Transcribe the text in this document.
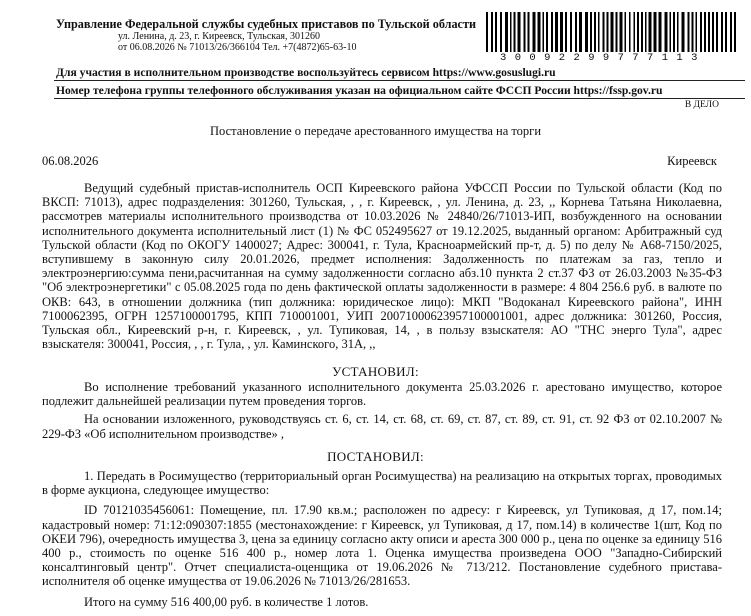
Управление Федеральной службы судебных приставов по Тульской области
ул. Ленина, д. 23, г. Киреевск, Тульская, 301260
от 06.08.2026 № 71013/26/366104 Тел. +7(4872)65-63-10
30092299777113
Для участия в исполнительном производстве воспользуйтесь сервисом https://www.gosuslugi.ru
Номер телефона группы телефонного обслуживания указан на официальном сайте ФССП России https://fssp.gov.ru
В ДЕЛО
Постановление о передаче арестованного имущества на торги
06.08.2026	Киреевск

Ведущий судебный пристав-исполнитель ОСП Киреевского района УФССП России по Тульской области (Код по ВКСП: 71013), адрес подразделения: 301260, Тульская, , , г. Киреевск, , ул. Ленина, д. 23, ,, Корнева Татьяна Николаевна, рассмотрев материалы исполнительного производства от 10.03.2026 № 24840/26/71013-ИП, возбужденного на основании исполнительного документа исполнительный лист (1) № ФС 052495627 от 19.12.2025, выданный органом: Арбитражный суд Тульской области (Код по ОКОГУ 1400027; Адрес: 300041, г. Тула, Красноармейский пр-т, д. 5) по делу № А68-7150/2025, вступившему в законную силу 20.01.2026, предмет исполнения: Задолженность по платежам за газ, тепло и электроэнергию:сумма пени,расчитанная на сумму задолженности согласно абз.10 пункта 2 ст.37 ФЗ от 26.03.2003 №35-ФЗ "Об электроэнергетики" с 05.08.2025 года по день фактической оплаты задолженности в размере: 4 804 256.6 руб. в валюте по ОКВ: 643, в отношении должника (тип должника: юридическое лицо): МКП "Водоканал Киреевского района", ИНН 7100062395, ОГРН 1257100001795, КПП 710001001, УИП 20071000623957100001001, адрес должника: 301260, Россия, Тульская обл., Киреевский р-н, г. Киреевск, , ул. Тупиковая, 14, , в пользу взыскателя: АО "ТНС энерго Тула", адрес взыскателя: 300041, Россия, , , г. Тула, , ул. Каминского, 31А, ,,

УСТАНОВИЛ:

Во исполнение требований указанного исполнительного документа 25.03.2026 г. арестовано имущество, которое подлежит дальнейшей реализации путем проведения торгов.

На основании изложенного, руководствуясь ст. 6, ст. 14, ст. 68, ст. 69, ст. 87, ст. 89, ст. 91, ст. 92 ФЗ от 02.10.2007 № 229-ФЗ «Об исполнительном производстве» ,

ПОСТАНОВИЛ:

1. Передать в Росимущество (территориальный орган Росимущества) на реализацию на открытых торгах, проводимых в форме аукциона, следующее имущество:

ID 70121035456061: Помещение, пл. 17.90 кв.м.; расположен по адресу: г Киреевск, ул Тупиковая, д 17, пом.14; кадастровый номер: 71:12:090307:1855 (местонахождение: г Киреевск, ул Тупиковая, д 17, пом.14) в количестве 1(шт, Код по ОКЕИ 796), очередность имущества 3, цена за единицу согласно акту описи и ареста 300 000 р., цена по оценке за единицу 516 400 р., стоимость по оценке 516 400 р., номер лота 1. Оценка имущества произведена ООО "Западно-Сибирский консалтинговый центр". Отчет специалиста-оценщика от 19.06.2026 № 713/212. Постановление судебного пристава-исполнителя об оценке имущества от 19.06.2026 № 71013/26/281653.

Итого на сумму 516 400,00 руб. в количестве 1 лотов.
